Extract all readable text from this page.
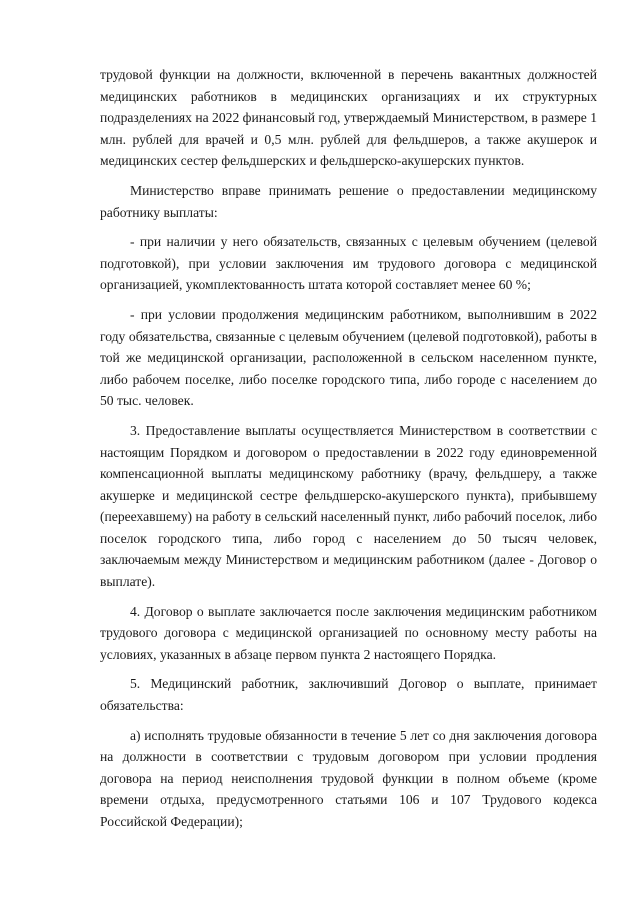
трудовой функции на должности, включенной в перечень вакантных должностей медицинских работников в медицинских организациях и их структурных подразделениях на 2022 финансовый год, утверждаемый Министерством, в размере 1 млн. рублей для врачей и 0,5 млн. рублей для фельдшеров, а также акушерок и медицинских сестер фельдшерских и фельдшерско-акушерских пунктов.

Министерство вправе принимать решение о предоставлении медицинскому работнику выплаты:

- при наличии у него обязательств, связанных с целевым обучением (целевой подготовкой), при условии заключения им трудового договора с медицинской организацией, укомплектованность штата которой составляет менее 60 %;

- при условии продолжения медицинским работником, выполнившим в 2022 году обязательства, связанные с целевым обучением (целевой подготовкой), работы в той же медицинской организации, расположенной в сельском населенном пункте, либо рабочем поселке, либо поселке городского типа, либо городе с населением до 50 тыс. человек.

3. Предоставление выплаты осуществляется Министерством в соответствии с настоящим Порядком и договором о предоставлении в 2022 году единовременной компенсационной выплаты медицинскому работнику (врачу, фельдшеру, а также акушерке и медицинской сестре фельдшерско-акушерского пункта), прибывшему (переехавшему) на работу в сельский населенный пункт, либо рабочий поселок, либо поселок городского типа, либо город с населением до 50 тысяч человек, заключаемым между Министерством и медицинским работником (далее - Договор о выплате).

4. Договор о выплате заключается после заключения медицинским работником трудового договора с медицинской организацией по основному месту работы на условиях, указанных в абзаце первом пункта 2 настоящего Порядка.

5. Медицинский работник, заключивший Договор о выплате, принимает обязательства:

а) исполнять трудовые обязанности в течение 5 лет со дня заключения договора на должности в соответствии с трудовым договором при условии продления договора на период неисполнения трудовой функции в полном объеме (кроме времени отдыха, предусмотренного статьями 106 и 107 Трудового кодекса Российской Федерации);
